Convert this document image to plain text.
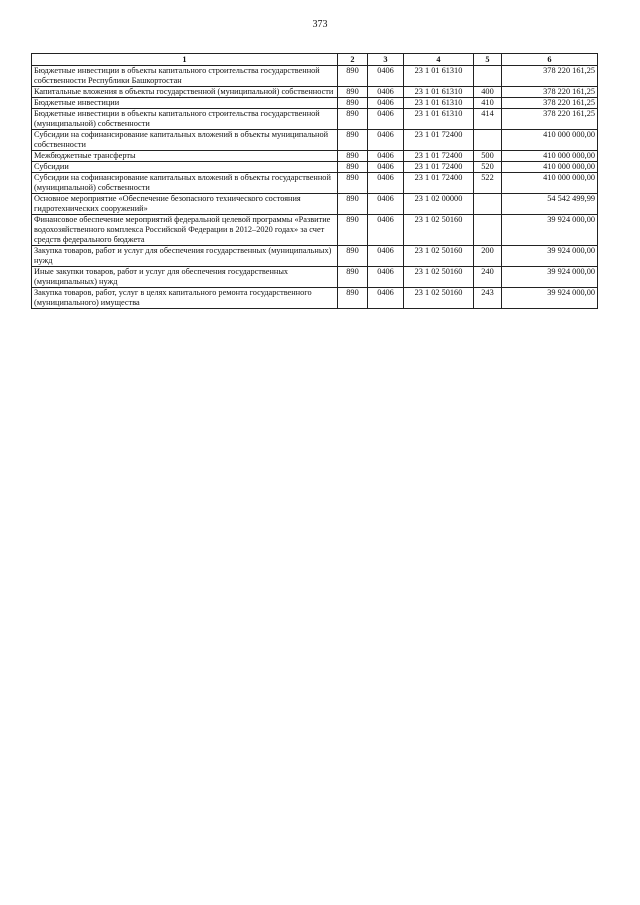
373
1	2	3	4	5	6
Бюджетные инвестиции в объекты капитального строительства государственной собственности Республики Башкортостан	890	0406	23 1 01 61310		378 220 161,25
Капитальные вложения в объекты государственной (муниципальной) собственности	890	0406	23 1 01 61310	400	378 220 161,25
Бюджетные инвестиции	890	0406	23 1 01 61310	410	378 220 161,25
Бюджетные инвестиции в объекты капитального строительства государственной (муниципальной) собственности	890	0406	23 1 01 61310	414	378 220 161,25
Субсидии на софинансирование капитальных вложений в объекты муниципальной собственности	890	0406	23 1 01 72400		410 000 000,00
Межбюджетные трансферты	890	0406	23 1 01 72400	500	410 000 000,00
Субсидии	890	0406	23 1 01 72400	520	410 000 000,00
Субсидии на софинансирование капитальных вложений в объекты государственной (муниципальной) собственности	890	0406	23 1 01 72400	522	410 000 000,00
Основное мероприятие «Обеспечение безопасного технического состояния гидротехнических сооружений»	890	0406	23 1 02 00000		54 542 499,99
Финансовое обеспечение мероприятий федеральной целевой программы «Развитие водохозяйственного комплекса Российской Федерации в 2012–2020 годах» за счет средств федерального бюджета	890	0406	23 1 02 50160		39 924 000,00
Закупка товаров, работ и услуг для обеспечения государственных (муниципальных) нужд	890	0406	23 1 02 50160	200	39 924 000,00
Иные закупки товаров, работ и услуг для обеспечения государственных (муниципальных) нужд	890	0406	23 1 02 50160	240	39 924 000,00
Закупка товаров, работ, услуг в целях капитального ремонта государственного (муниципального) имущества	890	0406	23 1 02 50160	243	39 924 000,00
